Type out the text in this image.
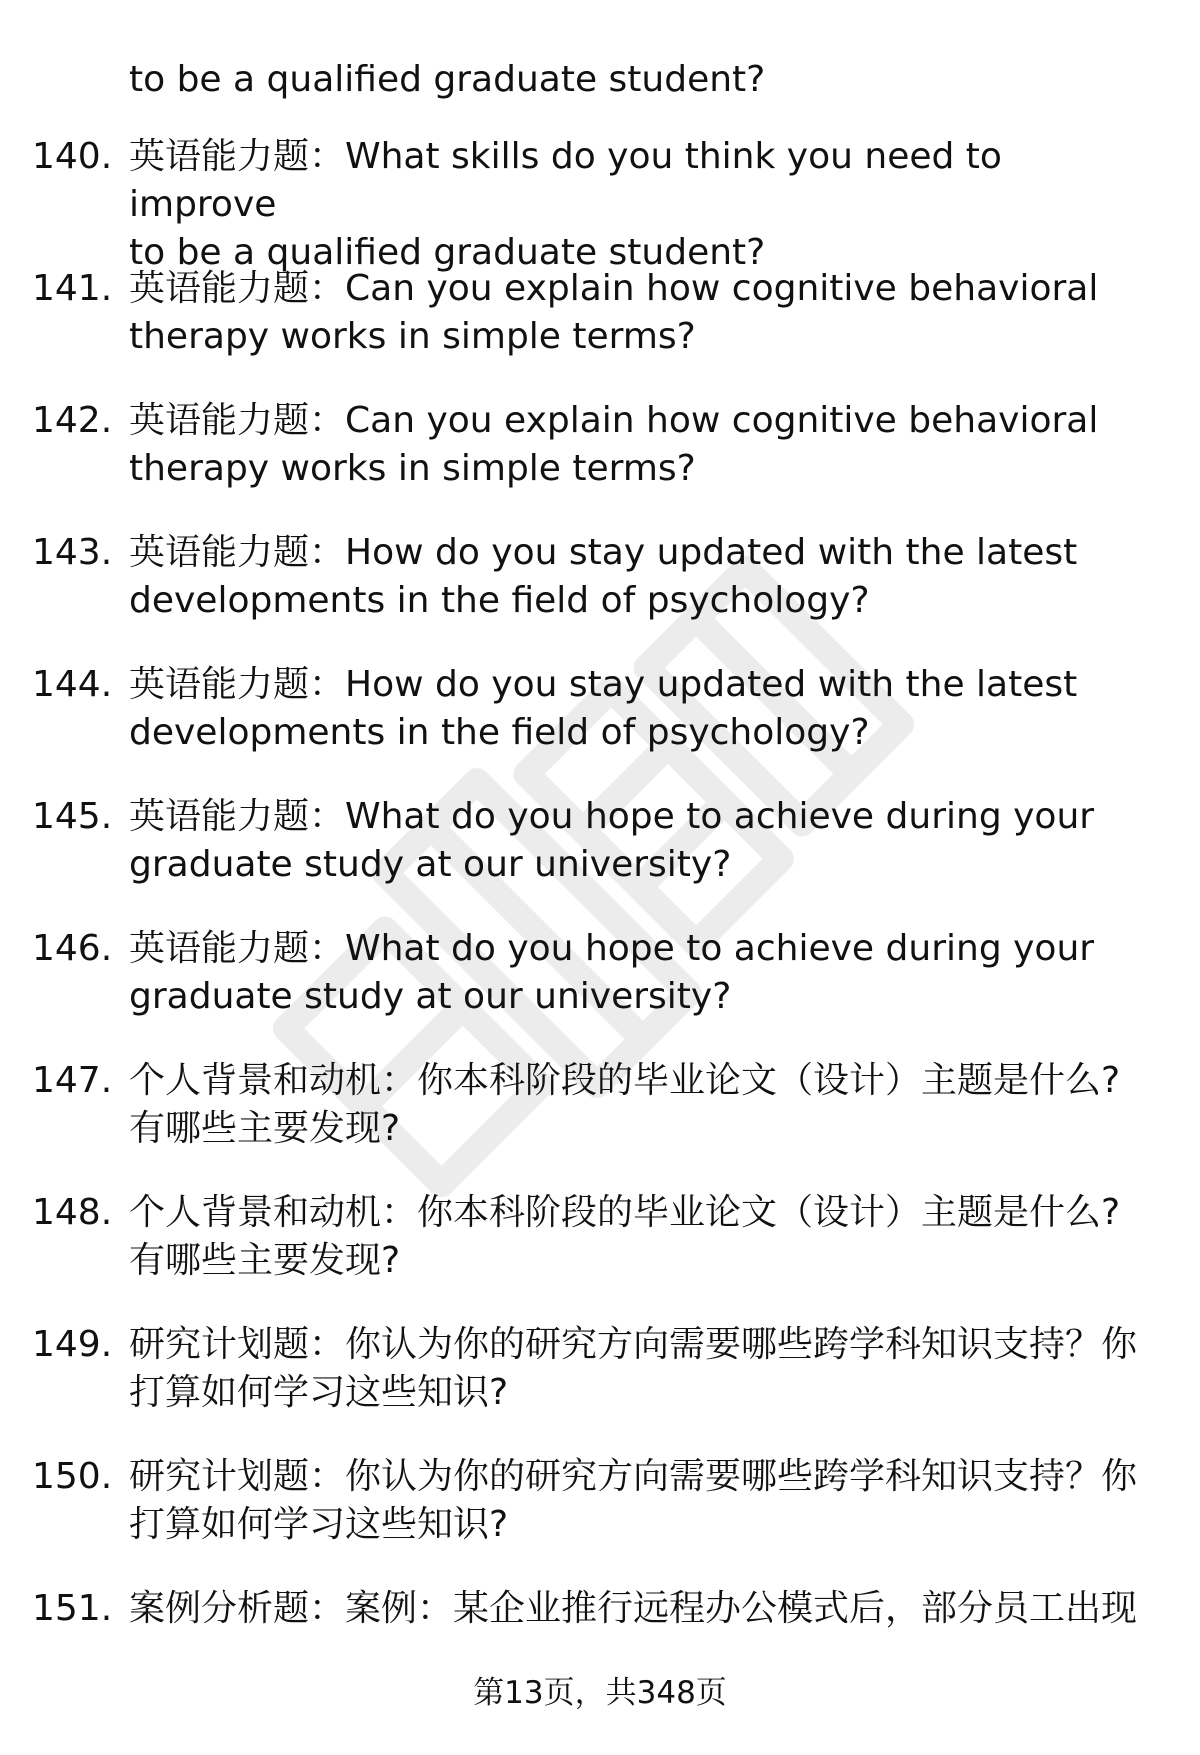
to be a qualified graduate student?
140. 英语能力题：What skills do you think you need to improve
to be a qualified graduate student?
141. 英语能力题：Can you explain how cognitive behavioral
therapy works in simple terms?
142. 英语能力题：Can you explain how cognitive behavioral
therapy works in simple terms?
143. 英语能力题：How do you stay updated with the latest
developments in the field of psychology?
144. 英语能力题：How do you stay updated with the latest
developments in the field of psychology?
145. 英语能力题：What do you hope to achieve during your
graduate study at our university?
146. 英语能力题：What do you hope to achieve during your
graduate study at our university?
147. 个人背景和动机：你本科阶段的毕业论文（设计）主题是什么?
有哪些主要发现?
148. 个人背景和动机：你本科阶段的毕业论文（设计）主题是什么?
有哪些主要发现?
149. 研究计划题：你认为你的研究方向需要哪些跨学科知识支持？你
打算如何学习这些知识?
150. 研究计划题：你认为你的研究方向需要哪些跨学科知识支持？你
打算如何学习这些知识?
151. 案例分析题：案例：某企业推行远程办公模式后，部分员工出现
第13页，共348页
